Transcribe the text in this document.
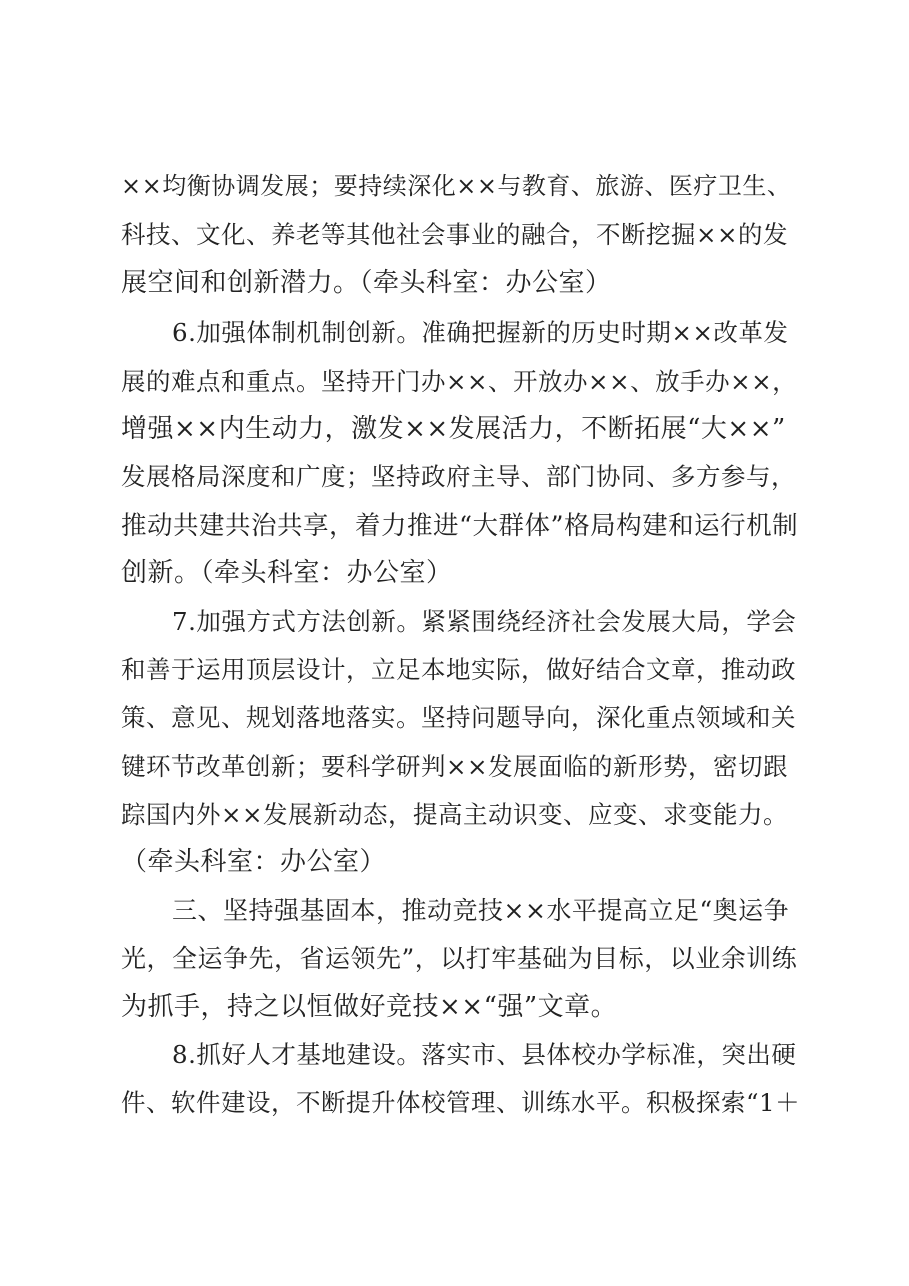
××均衡协调发展；要持续深化××与教育、旅游、医疗卫生、
科技、文化、养老等其他社会事业的融合，不断挖掘××的发
展空间和创新潜力。（牵头科室：办公室）
6.加强体制机制创新。准确把握新的历史时期××改革发
展的难点和重点。坚持开门办××、开放办××、放手办××，
增强××内生动力，激发××发展活力，不断拓展“大××”
发展格局深度和广度；坚持政府主导、部门协同、多方参与，
推动共建共治共享，着力推进“大群体”格局构建和运行机制
创新。（牵头科室：办公室）
7.加强方式方法创新。紧紧围绕经济社会发展大局，学会
和善于运用顶层设计，立足本地实际，做好结合文章，推动政
策、意见、规划落地落实。坚持问题导向，深化重点领域和关
键环节改革创新；要科学研判××发展面临的新形势，密切跟
踪国内外××发展新动态，提高主动识变、应变、求变能力。
（牵头科室：办公室）
三、坚持强基固本，推动竞技××水平提高立足“奥运争
光，全运争先，省运领先”，以打牢基础为目标，以业余训练
为抓手，持之以恒做好竞技××“强”文章。
8.抓好人才基地建设。落实市、县体校办学标准，突出硬
件、软件建设，不断提升体校管理、训练水平。积极探索“1＋
